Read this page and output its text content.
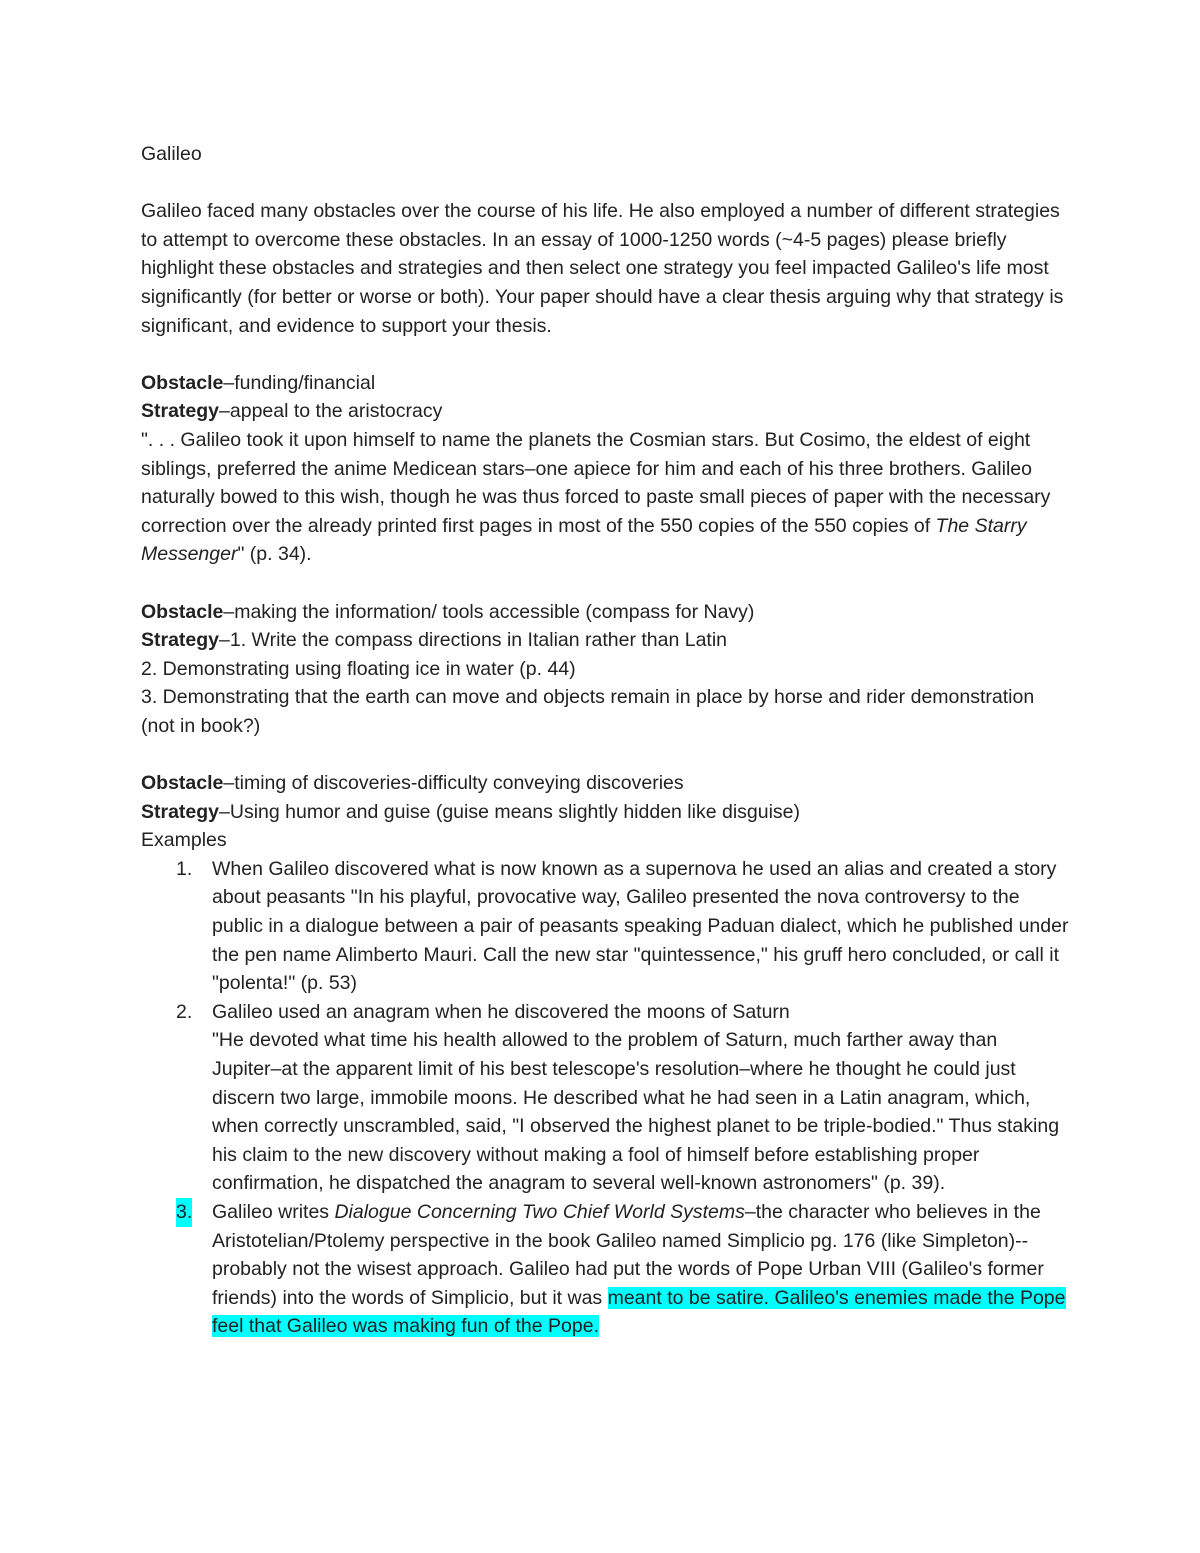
Galileo

Galileo faced many obstacles over the course of his life. He also employed a number of different strategies to attempt to overcome these obstacles. In an essay of 1000-1250 words (~4-5 pages) please briefly highlight these obstacles and strategies and then select one strategy you feel impacted Galileo's life most significantly (for better or worse or both). Your paper should have a clear thesis arguing why that strategy is significant, and evidence to support your thesis.

Obstacle–funding/financial

Strategy–appeal to the aristocracy

". . . Galileo took it upon himself to name the planets the Cosmian stars. But Cosimo, the eldest of eight siblings, preferred the anime Medicean stars–one apiece for him and each of his three brothers. Galileo naturally bowed to this wish, though he was thus forced to paste small pieces of paper with the necessary correction over the already printed first pages in most of the 550 copies of the 550 copies of The Starry Messenger" (p. 34).

Obstacle–making the information/ tools accessible (compass for Navy)

Strategy–1. Write the compass directions in Italian rather than Latin

2. Demonstrating using floating ice in water (p. 44)

3. Demonstrating that the earth can move and objects remain in place by horse and rider demonstration (not in book?)

Obstacle–timing of discoveries-difficulty conveying discoveries

Strategy–Using humor and guise (guise means slightly hidden like disguise)

Examples

1. When Galileo discovered what is now known as a supernova he used an alias and created a story about peasants "In his playful, provocative way, Galileo presented the nova controversy to the public in a dialogue between a pair of peasants speaking Paduan dialect, which he published under the pen name Alimberto Mauri. Call the new star "quintessence," his gruff hero concluded, or call it "polenta!" (p. 53)
2. Galileo used an anagram when he discovered the moons of Saturn

"He devoted what time his health allowed to the problem of Saturn, much farther away than Jupiter–at the apparent limit of his best telescope's resolution–where he thought he could just discern two large, immobile moons. He described what he had seen in a Latin anagram, which, when correctly unscrambled, said, "I observed the highest planet to be triple-bodied." Thus staking his claim to the new discovery without making a fool of himself before establishing proper confirmation, he dispatched the anagram to several well-known astronomers" (p. 39).

3. Galileo writes Dialogue Concerning Two Chief World Systems–the character who believes in the Aristotelian/Ptolemy perspective in the book Galileo named Simplicio pg. 176 (like Simpleton)--probably not the wisest approach. Galileo had put the words of Pope Urban VIII (Galileo's former friends) into the words of Simplicio, but it was meant to be satire. Galileo's enemies made the Pope feel that Galileo was making fun of the Pope.
